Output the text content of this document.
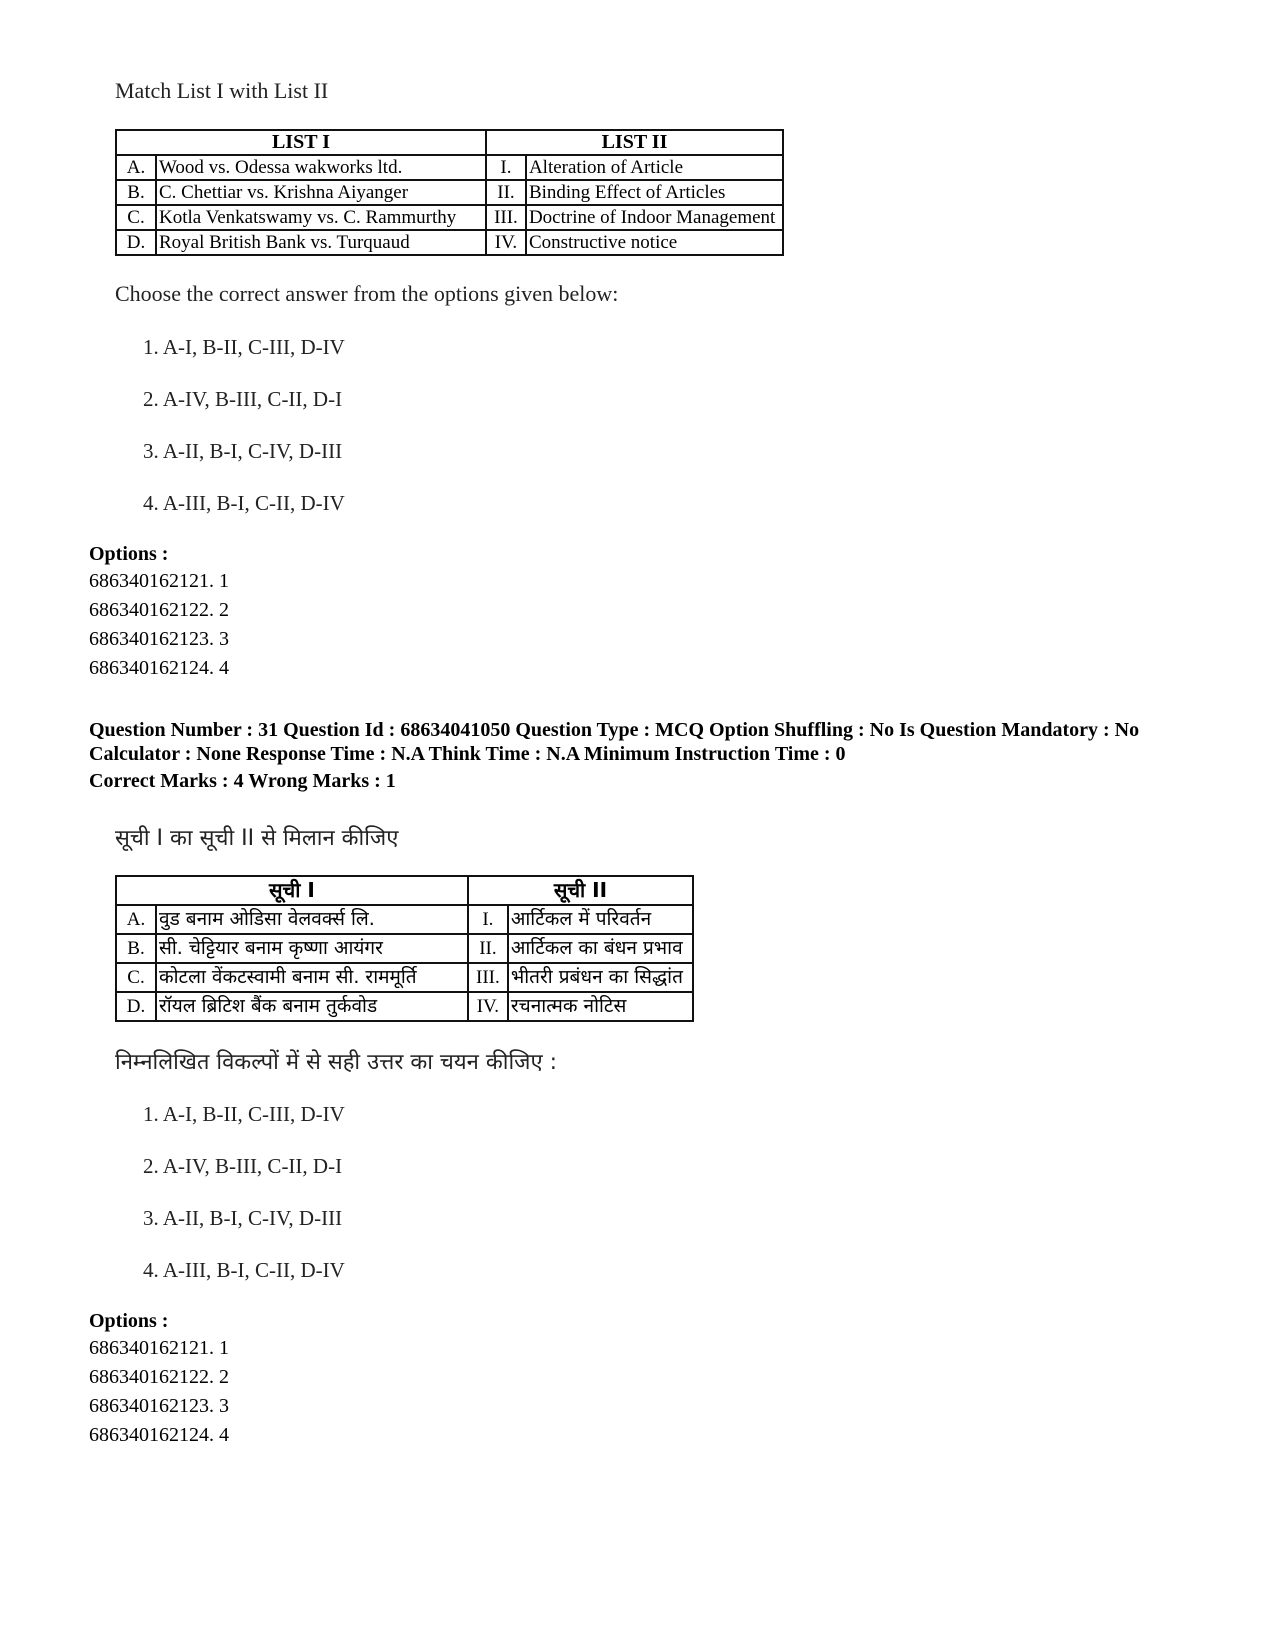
Match List I with List II
LIST I		LIST II	
A.	Wood vs. Odessa wakworks ltd.	I.	Alteration of Article
B.	C. Chettiar vs. Krishna Aiyanger	II.	Binding Effect of Articles
C.	Kotla Venkatswamy vs. C. Rammurthy	III.	Doctrine of Indoor Management
D.	Royal British Bank vs. Turquaud	IV.	Constructive notice
Choose the correct answer from the options given below:
1. A-I, B-II, C-III, D-IV
2. A-IV, B-III, C-II, D-I
3. A-II, B-I, C-IV, D-III
4. A-III, B-I, C-II, D-IV
Options :
686340162121. 1
686340162122. 2
686340162123. 3
686340162124. 4
Question Number : 31 Question Id : 68634041050 Question Type : MCQ Option Shuffling : No Is Question Mandatory : No Calculator : None Response Time : N.A Think Time : N.A Minimum Instruction Time : 0
Correct Marks : 4 Wrong Marks : 1
सूची I का सूची II से मिलान कीजिए
सूची I		सूची II	
A.	वुड बनाम ओडिसा वेलवर्क्स लि.	I.	आर्टिकल में परिवर्तन
B.	सी. चेट्टियार बनाम कृष्णा आयंगर	II.	आर्टिकल का बंधन प्रभाव
C.	कोटला वेंकटस्वामी बनाम सी. राममूर्ति	III.	भीतरी प्रबंधन का सिद्धांत
D.	रॉयल ब्रिटिश बैंक बनाम तुर्कवोड	IV.	रचनात्मक नोटिस
निम्नलिखित विकल्पों में से सही उत्तर का चयन कीजिए :
1. A-I, B-II, C-III, D-IV
2. A-IV, B-III, C-II, D-I
3. A-II, B-I, C-IV, D-III
4. A-III, B-I, C-II, D-IV
Options :
686340162121. 1
686340162122. 2
686340162123. 3
686340162124. 4
